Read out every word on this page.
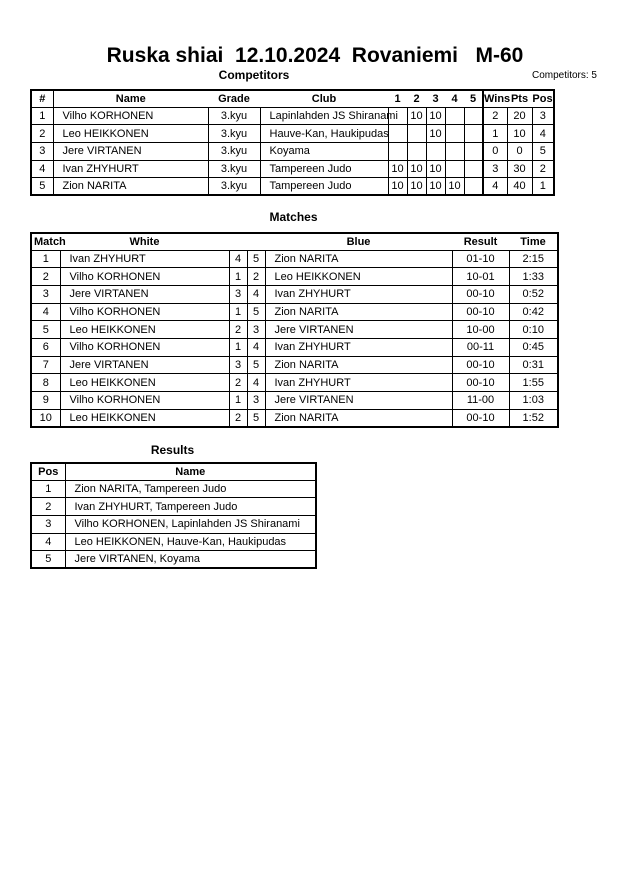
Ruska shiai  12.10.2024  Rovaniemi   M-60
Competitors	Competitors: 5
#	Name	Grade	Club	1	2	3	4	5	Wins	Pts	Pos
1	Vilho KORHONEN	3.kyu	Lapinlahden JS Shiranami		10	10			2	20	3
2	Leo HEIKKONEN	3.kyu	Hauve-Kan, Haukipudas			10			1	10	4
3	Jere VIRTANEN	3.kyu	Koyama						0	0	5
4	Ivan ZHYHURT	3.kyu	Tampereen Judo	10	10	10			3	30	2
5	Zion NARITA	3.kyu	Tampereen Judo	10	10	10	10		4	40	1
Matches
Match	White			Blue	Result	Time
1	Ivan ZHYHURT	4	5	Zion NARITA	01-10	2:15
2	Vilho KORHONEN	1	2	Leo HEIKKONEN	10-01	1:33
3	Jere VIRTANEN	3	4	Ivan ZHYHURT	00-10	0:52
4	Vilho KORHONEN	1	5	Zion NARITA	00-10	0:42
5	Leo HEIKKONEN	2	3	Jere VIRTANEN	10-00	0:10
6	Vilho KORHONEN	1	4	Ivan ZHYHURT	00-11	0:45
7	Jere VIRTANEN	3	5	Zion NARITA	00-10	0:31
8	Leo HEIKKONEN	2	4	Ivan ZHYHURT	00-10	1:55
9	Vilho KORHONEN	1	3	Jere VIRTANEN	11-00	1:03
10	Leo HEIKKONEN	2	5	Zion NARITA	00-10	1:52
Results
Pos	Name
1	Zion NARITA, Tampereen Judo
2	Ivan ZHYHURT, Tampereen Judo
3	Vilho KORHONEN, Lapinlahden JS Shiranami
4	Leo HEIKKONEN, Hauve-Kan, Haukipudas
5	Jere VIRTANEN, Koyama
